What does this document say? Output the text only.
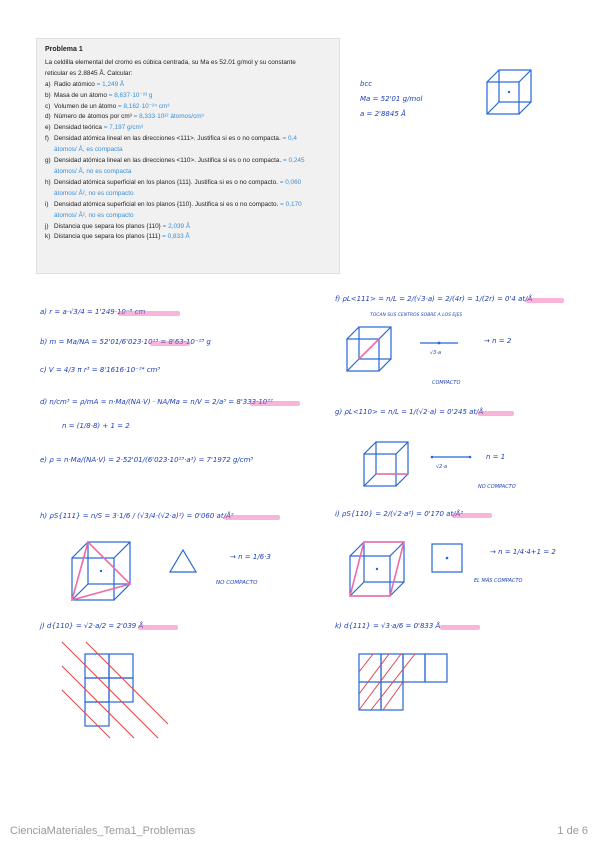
Problema 1
La celdilla elemental del cromo es cúbica centrada, su Ma es 52.01 g/mol y su constante
reticular es 2.8845 Å. Calcular:
a) Radio atómico = 1,249 Å
b) Masa de un átomo = 8,637·10⁻²³ g
c) Volumen de un átomo = 8,162·10⁻²⁴ cm³
d) Número de átomos por cm³ = 8,333·10²² átomos/cm³
e) Densidad teórica = 7,197 g/cm³
f) Densidad atómica lineal en las direcciones <111>. Justifica si es o no compacta. = 0,4
átomos/ Å, es compacta
g) Densidad atómica lineal en las direcciones <110>. Justifica si es o no compacta. = 0,245
átomos/ Å, no es compacta
h) Densidad atómica superficial en los planos {111}. Justifica si es o no compacto. = 0,060
átomos/ Å², no es compacto
i) Densidad atómica superficial en los planos {110}. Justifica si es o no compacto. = 0,170
átomos/ Å², no es compacto
j) Distancia que separa los planos {110} = 2,039 Å
k) Distancia que separa los planos {111} = 0,833 Å
bcc
Ma = 52'01 g/mol
a = 2'8845 Å
a) r = a·√3/4 = 1'249·10⁻⁸ cm
b) m = Ma/NA = 52'01/6'023·10²³ = 8'63·10⁻²³ g
c) V = 4/3 π r³ = 8'1616·10⁻²⁴ cm³
d) n/cm³ = ρ/mA = n·Ma/(NA·V) · NA/Ma = n/V = 2/a³ = 8'333·10²²
n = (1/8·8) + 1 = 2
e) ρ = n·Ma/(NA·V) = 2·52'01/(6'023·10²³·a³) = 7'1972 g/cm³
h) ρS{111} = n/S = 3·1/6 / (√3/4·(√2·a)²) = 0'060 at/Å²
→ n = 1/6·3
NO COMPACTO
j) d{110} = √2·a/2 = 2'039 Å
f) ρL<111> = n/L = 2/(√3·a) = 2/(4r) = 1/(2r) = 0'4 at/Å
TOCAN SUS CENTROS SOBRE A LOS EJES
√3·a
→ n = 2
COMPACTO
g) ρL<110> = n/L = 1/(√2·a) = 0'245 at/Å
√2·a
n = 1
NO COMPACTO
i) ρS{110} = 2/(√2·a²) = 0'170 at/Å²
→ n = 1/4·4+1 = 2
EL MÁS COMPACTO
k) d{111} = √3·a/6 = 0'833 Å
CienciaMateriales_Tema1_Problemas	1 de 6
